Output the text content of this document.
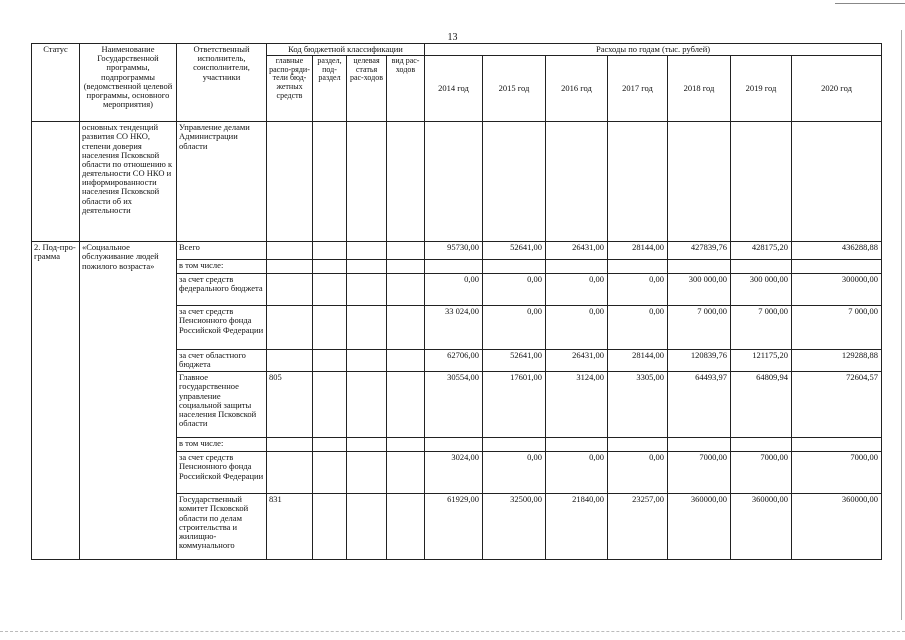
13
Статус	Наименование Государственной программы, подпрограммы (ведомственной целевой программы, основного мероприятия)	Ответственный исполнитель, соисполнители, участники	Код бюджетной классификации				Расходы по годам (тыс. рублей)						
			главные распо-ряди-тели бюд-жетных средств	раздел, под-раздел	целевая статья рас-ходов	вид рас-ходов	2014 год	2015 год	2016 год	2017 год	2018 год	2019 год	2020 год
	основных тенденций развития СО НКО, степени доверия населения Псковской области по отношению к деятельности СО НКО и информированности населения Псковской области об их деятельности	Управление делами Администрации области											
2. Под-про-грамма	«Социальное обслуживание людей пожилого возраста»	Всего					95730,00	52641,00	26431,00	28144,00	427839,76	428175,20	436288,88
		в том числе:											
		за счет средств федерального бюджета					0,00	0,00	0,00	0,00	300 000,00	300 000,00	300000,00
		за счет средств Пенсионного фонда Российской Федерации					33 024,00	0,00	0,00	0,00	7 000,00	7 000,00	7 000,00
		за счет областного бюджета					62706,00	52641,00	26431,00	28144,00	120839,76	121175,20	129288,88
		Главное государственное управление социальной защиты населения Псковской области	805				30554,00	17601,00	3124,00	3305,00	64493,97	64809,94	72604,57
		в том числе:											
		за счет средств Пенсионного фонда Российской Федерации					3024,00	0,00	0,00	0,00	7000,00	7000,00	7000,00
		Государственный комитет Псковской области по делам строительства и жилищно-коммунального	831				61929,00	32500,00	21840,00	23257,00	360000,00	360000,00	360000,00
